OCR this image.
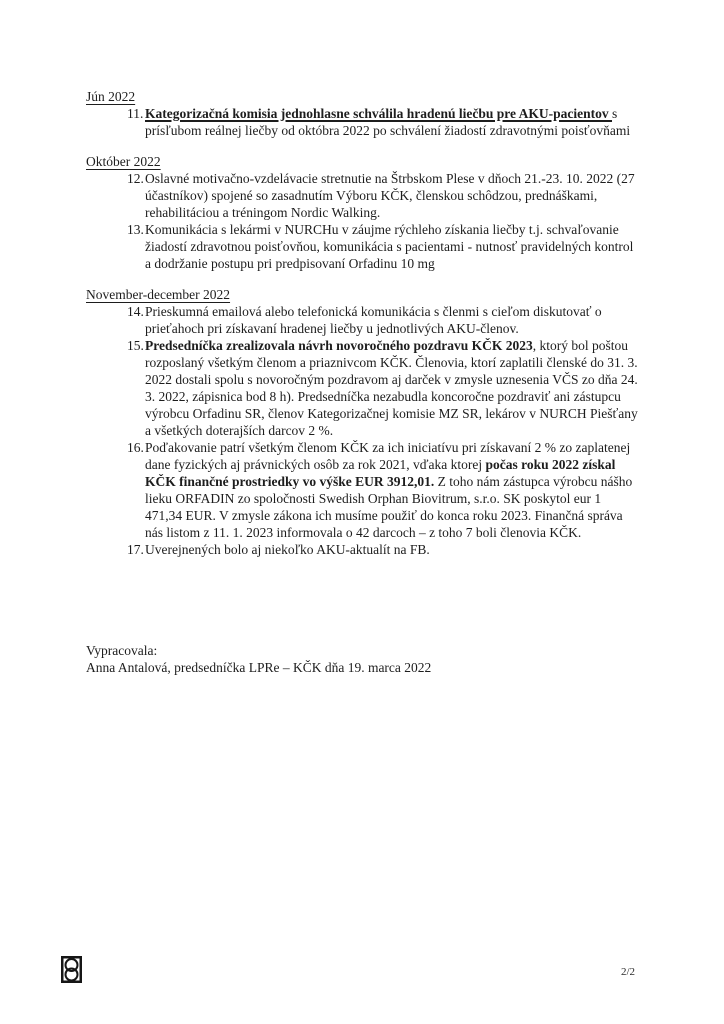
Jún 2022
11. Kategorizačná komisia jednohlasne schválila hradenú liečbu pre AKU-pacientov s prísľubom reálnej liečby od októbra 2022 po schválení žiadostí zdravotnými poisťovňami
Október 2022
12. Oslavné motivačno-vzdelávacie stretnutie na Štrbskom Plese v dňoch 21.-23. 10. 2022 (27 účastníkov) spojené so zasadnutím Výboru KČK, členskou schôdzou, prednáškami, rehabilitáciou a tréningom Nordic Walking.
13. Komunikácia s lekármi v NURCHu v záujme rýchleho získania liečby t.j. schvaľovanie žiadostí zdravotnou poisťovňou, komunikácia s pacientami - nutnosť pravidelných kontrol a dodržanie postupu pri predpisovaní Orfadinu 10 mg
November-december 2022
14. Prieskumná emailová alebo telefonická komunikácia s členmi s cieľom diskutovať o prieťahoch pri získavaní hradenej liečby u jednotlivých AKU-členov.
15. Predsedníčka zrealizovala návrh novoročného pozdravu KČK 2023, ktorý bol poštou rozposlaný všetkým členom a priaznivcom KČK. Členovia, ktorí zaplatili členské do 31. 3. 2022 dostali spolu s novoročným pozdravom aj darček v zmysle uznesenia VČS zo dňa 24. 3. 2022, zápisnica bod 8 h). Predsedníčka nezabudla koncoročne pozdraviť ani zástupcu výrobcu Orfadinu SR, členov Kategorizačnej komisie MZ SR, lekárov v NURCH Piešťany a všetkých doterajších darcov 2 %.
16. Poďakovanie patrí všetkým členom KČK za ich iniciatívu pri získavaní 2 % zo zaplatenej dane fyzických aj právnických osôb za rok 2021, vďaka ktorej počas roku 2022 získal KČK finančné prostriedky vo výške EUR 3912,01. Z toho nám zástupca výrobcu nášho lieku ORFADIN zo spoločnosti Swedish Orphan Biovitrum, s.r.o. SK poskytol eur 1 471,34 EUR. V zmysle zákona ich musíme použiť do konca roku 2023. Finančná správa nás listom z 11. 1. 2023 informovala o 42 darcoch – z toho 7 boli členovia KČK.
17. Uverejnených bolo aj niekoľko AKU-aktualít na FB.
Vypracovala:
Anna Antalová, predsedníčka LPRe – KČK dňa 19. marca 2022
2/2
